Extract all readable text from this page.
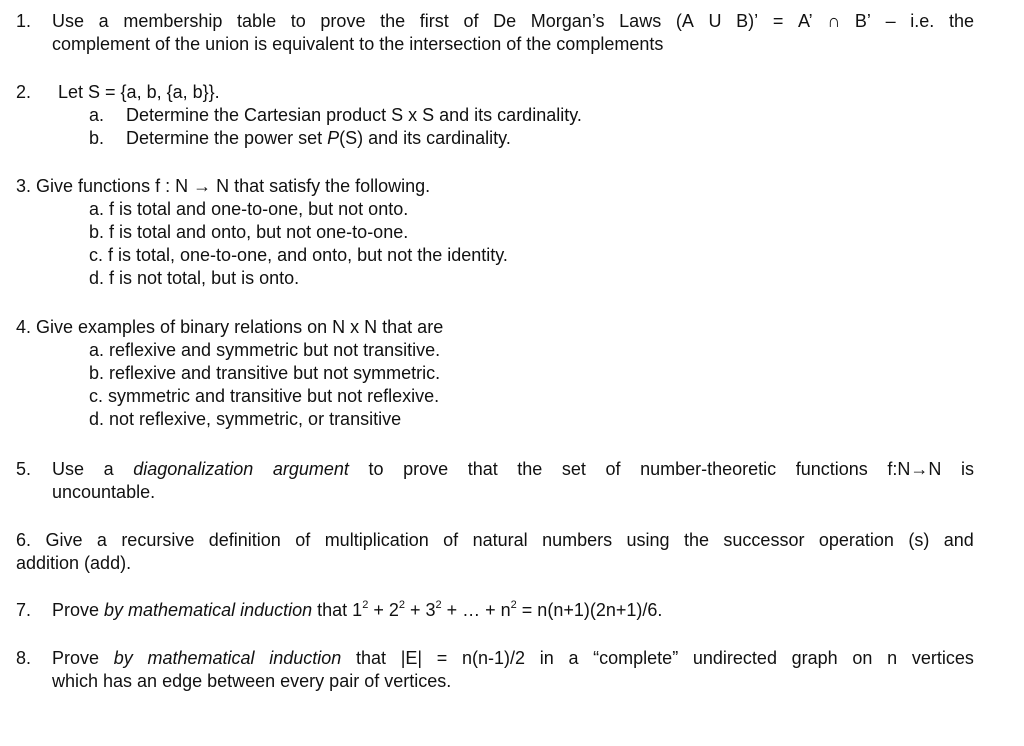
1.	Use a membership table to prove the first of De Morgan’s Laws (A U B)’ = A’ ∩ B’ – i.e. the
complement of the union is equivalent to the intersection of the complements
2. Let S = {a, b, {a, b}}.
a. Determine the Cartesian product S x S and its cardinality.
b. Determine the power set P(S) and its cardinality.
3. Give functions f : N → N that satisfy the following.
a. f is total and one-to-one, but not onto.
b. f is total and onto, but not one-to-one.
c. f is total, one-to-one, and onto, but not the identity.
d. f is not total, but is onto.
4. Give examples of binary relations on N x N that are
a. reflexive and symmetric but not transitive.
b. reflexive and transitive but not symmetric.
c. symmetric and transitive but not reflexive.
d. not reflexive, symmetric, or transitive
5.	Use a diagonalization argument to prove that the set of number-theoretic functions f:N→N is
uncountable.
6. Give a recursive definition of multiplication of natural numbers using the successor operation (s) and
addition (add).
7. Prove by mathematical induction that $1^2 + 2^2 + 3^2$ + … + $n^2 = n(n+1)(2n+1)/6$.
8.	Prove by mathematical induction that |E| = n(n-1)/2 in a “complete” undirected graph on n vertices
which has an edge between every pair of vertices.
